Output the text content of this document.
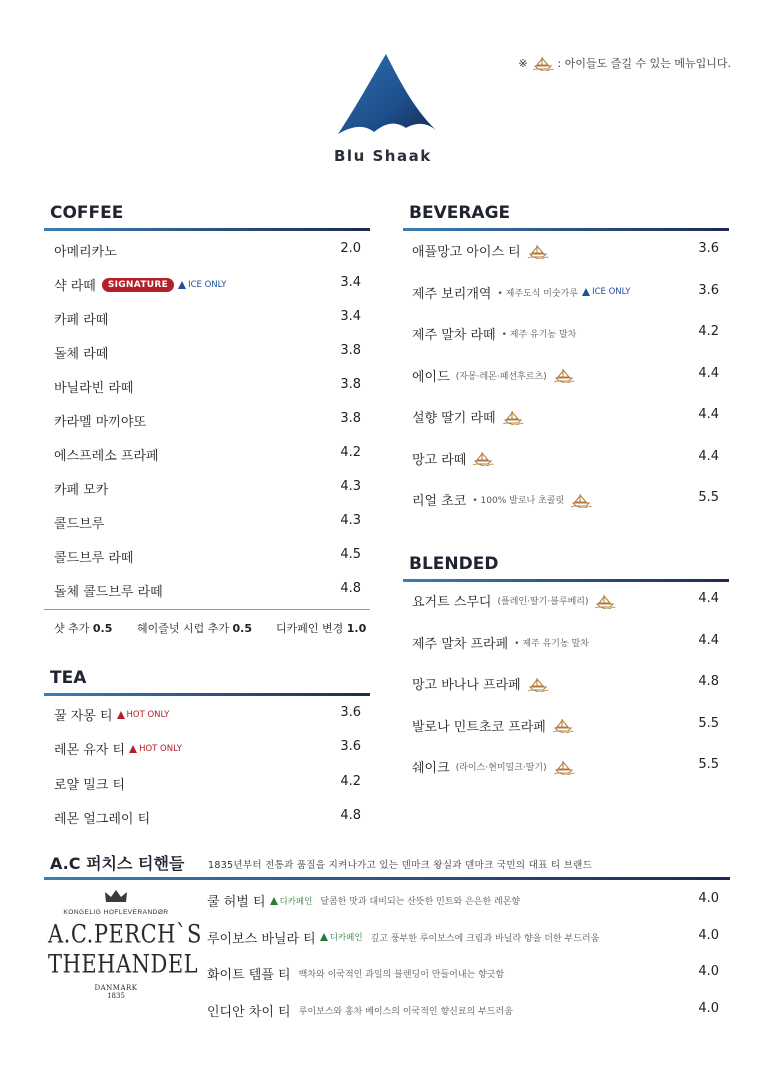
※	: 아이들도 즐길 수 있는 메뉴입니다.
Blu Shaak
COFFEE
아메리카노	2.0
샥 라떼	SIGNATURE	ICE ONLY	3.4
카페 라떼	3.4
돌체 라떼	3.8
바닐라빈 라떼	3.8
카라멜 마끼야또	3.8
에스프레소 프라페	4.2
카페 모카	4.3
콜드브루	4.3
콜드브루 라떼	4.5
돌체 콜드브루 라떼	4.8
샷 추가 0.5 헤이즐넛 시럽 추가 0.5 디카페인 변경 1.0
TEA
꿀 자몽 티 HOT ONLY	3.6
레몬 유자 티 HOT ONLY	3.6
로얄 밀크 티	4.2
레몬 얼그레이 티	4.8
BEVERAGE
애플망고 아이스 티	3.6
제주 보리개역 • 제주도식 미숫가루 ICE ONLY	3.6
제주 말차 라떼 • 제주 유기농 말차	4.2
에이드 (자몽·레몬·패션후르츠)	4.4
설향 딸기 라떼	4.4
망고 라떼	4.4
리얼 초코 • 100% 발로나 초콜릿	5.5
BLENDED
요거트 스무디 (플레인·딸기·블루베리)	4.4
제주 말차 프라페 • 제주 유기농 말차	4.4
망고 바나나 프라페	4.8
발로나 민트초코 프라페	5.5
쉐이크 (라이스·현미밀크·딸기)	5.5
A.C 퍼치스 티핸들 1835년부터 전통과 품질을 지켜나가고 있는 덴마크 왕실과 덴마크 국민의 대표 티 브랜드
KONGELIG HOFLEVERANDØR
A.C.PERCH`S
THEHANDEL
DANMARK
1835
쿨 허벌 티 디카페인 달콤한 맛과 대비되는 산뜻한 민트와 은은한 레몬향	4.0
루이보스 바닐라 티 디카페인 깊고 풍부한 루이보스에 크림과 바닐라 향을 더한 부드러움	4.0
화이트 템플 티 백차와 이국적인 과일의 블렌딩이 만들어내는 향긋함	4.0
인디안 차이 티 루이보스와 홍차 베이스의 이국적인 향신료의 부드러움	4.0
